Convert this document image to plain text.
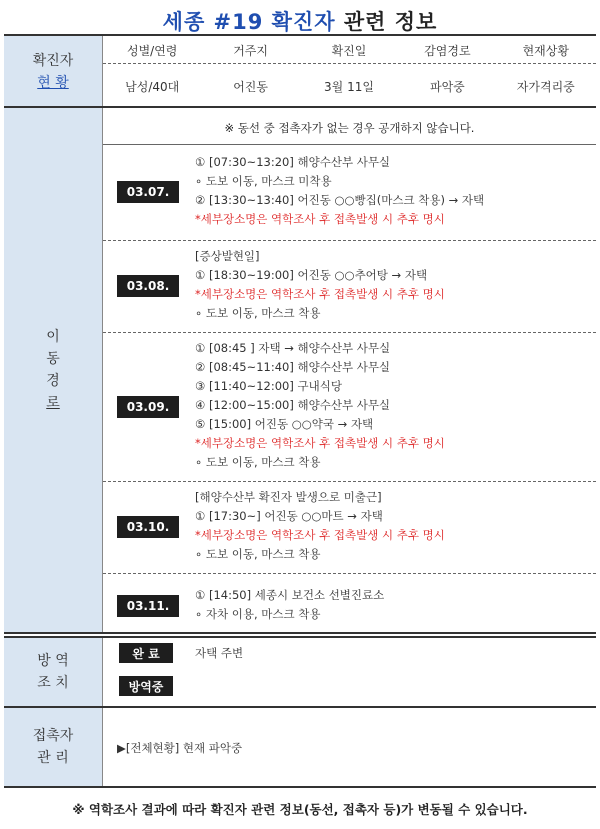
세종 #19 확진자 관련 정보
확진자
현 황
성별/연령	거주지	확진일	감염경로	현재상황
남성/40대	어진동	3월 11일	파악중	자가격리중
이
동
경
로
※ 동선 중 접촉자가 없는 경우 공개하지 않습니다.
03.07.
① [07:30~13:20] 해양수산부 사무실
∘ 도보 이동, 마스크 미착용
② [13:30~13:40] 어진동 ○○빵집(마스크 착용) → 자택
*세부장소명은 역학조사 후 접촉발생 시 추후 명시
03.08.
[증상발현일]
① [18:30~19:00] 어진동 ○○추어탕 → 자택
*세부장소명은 역학조사 후 접촉발생 시 추후 명시
∘ 도보 이동, 마스크 착용
03.09.
① [08:45 ] 자택 → 해양수산부 사무실
② [08:45~11:40] 해양수산부 사무실
③ [11:40~12:00] 구내식당
④ [12:00~15:00] 해양수산부 사무실
⑤ [15:00] 어진동 ○○약국 → 자택
*세부장소명은 역학조사 후 접촉발생 시 추후 명시
∘ 도보 이동, 마스크 착용
03.10.
[해양수산부 확진자 발생으로 미출근]
① [17:30~] 어진동 ○○마트 → 자택
*세부장소명은 역학조사 후 접촉발생 시 추후 명시
∘ 도보 이동, 마스크 착용
03.11.
① [14:50] 세종시 보건소 선별진료소
∘ 자차 이용, 마스크 착용
방 역
조 치
완 료	자택 주변
방역중
접촉자
관 리
▶[전체현황] 현재 파악중
※ 역학조사 결과에 따라 확진자 관련 정보(동선, 접촉자 등)가 변동될 수 있습니다.
